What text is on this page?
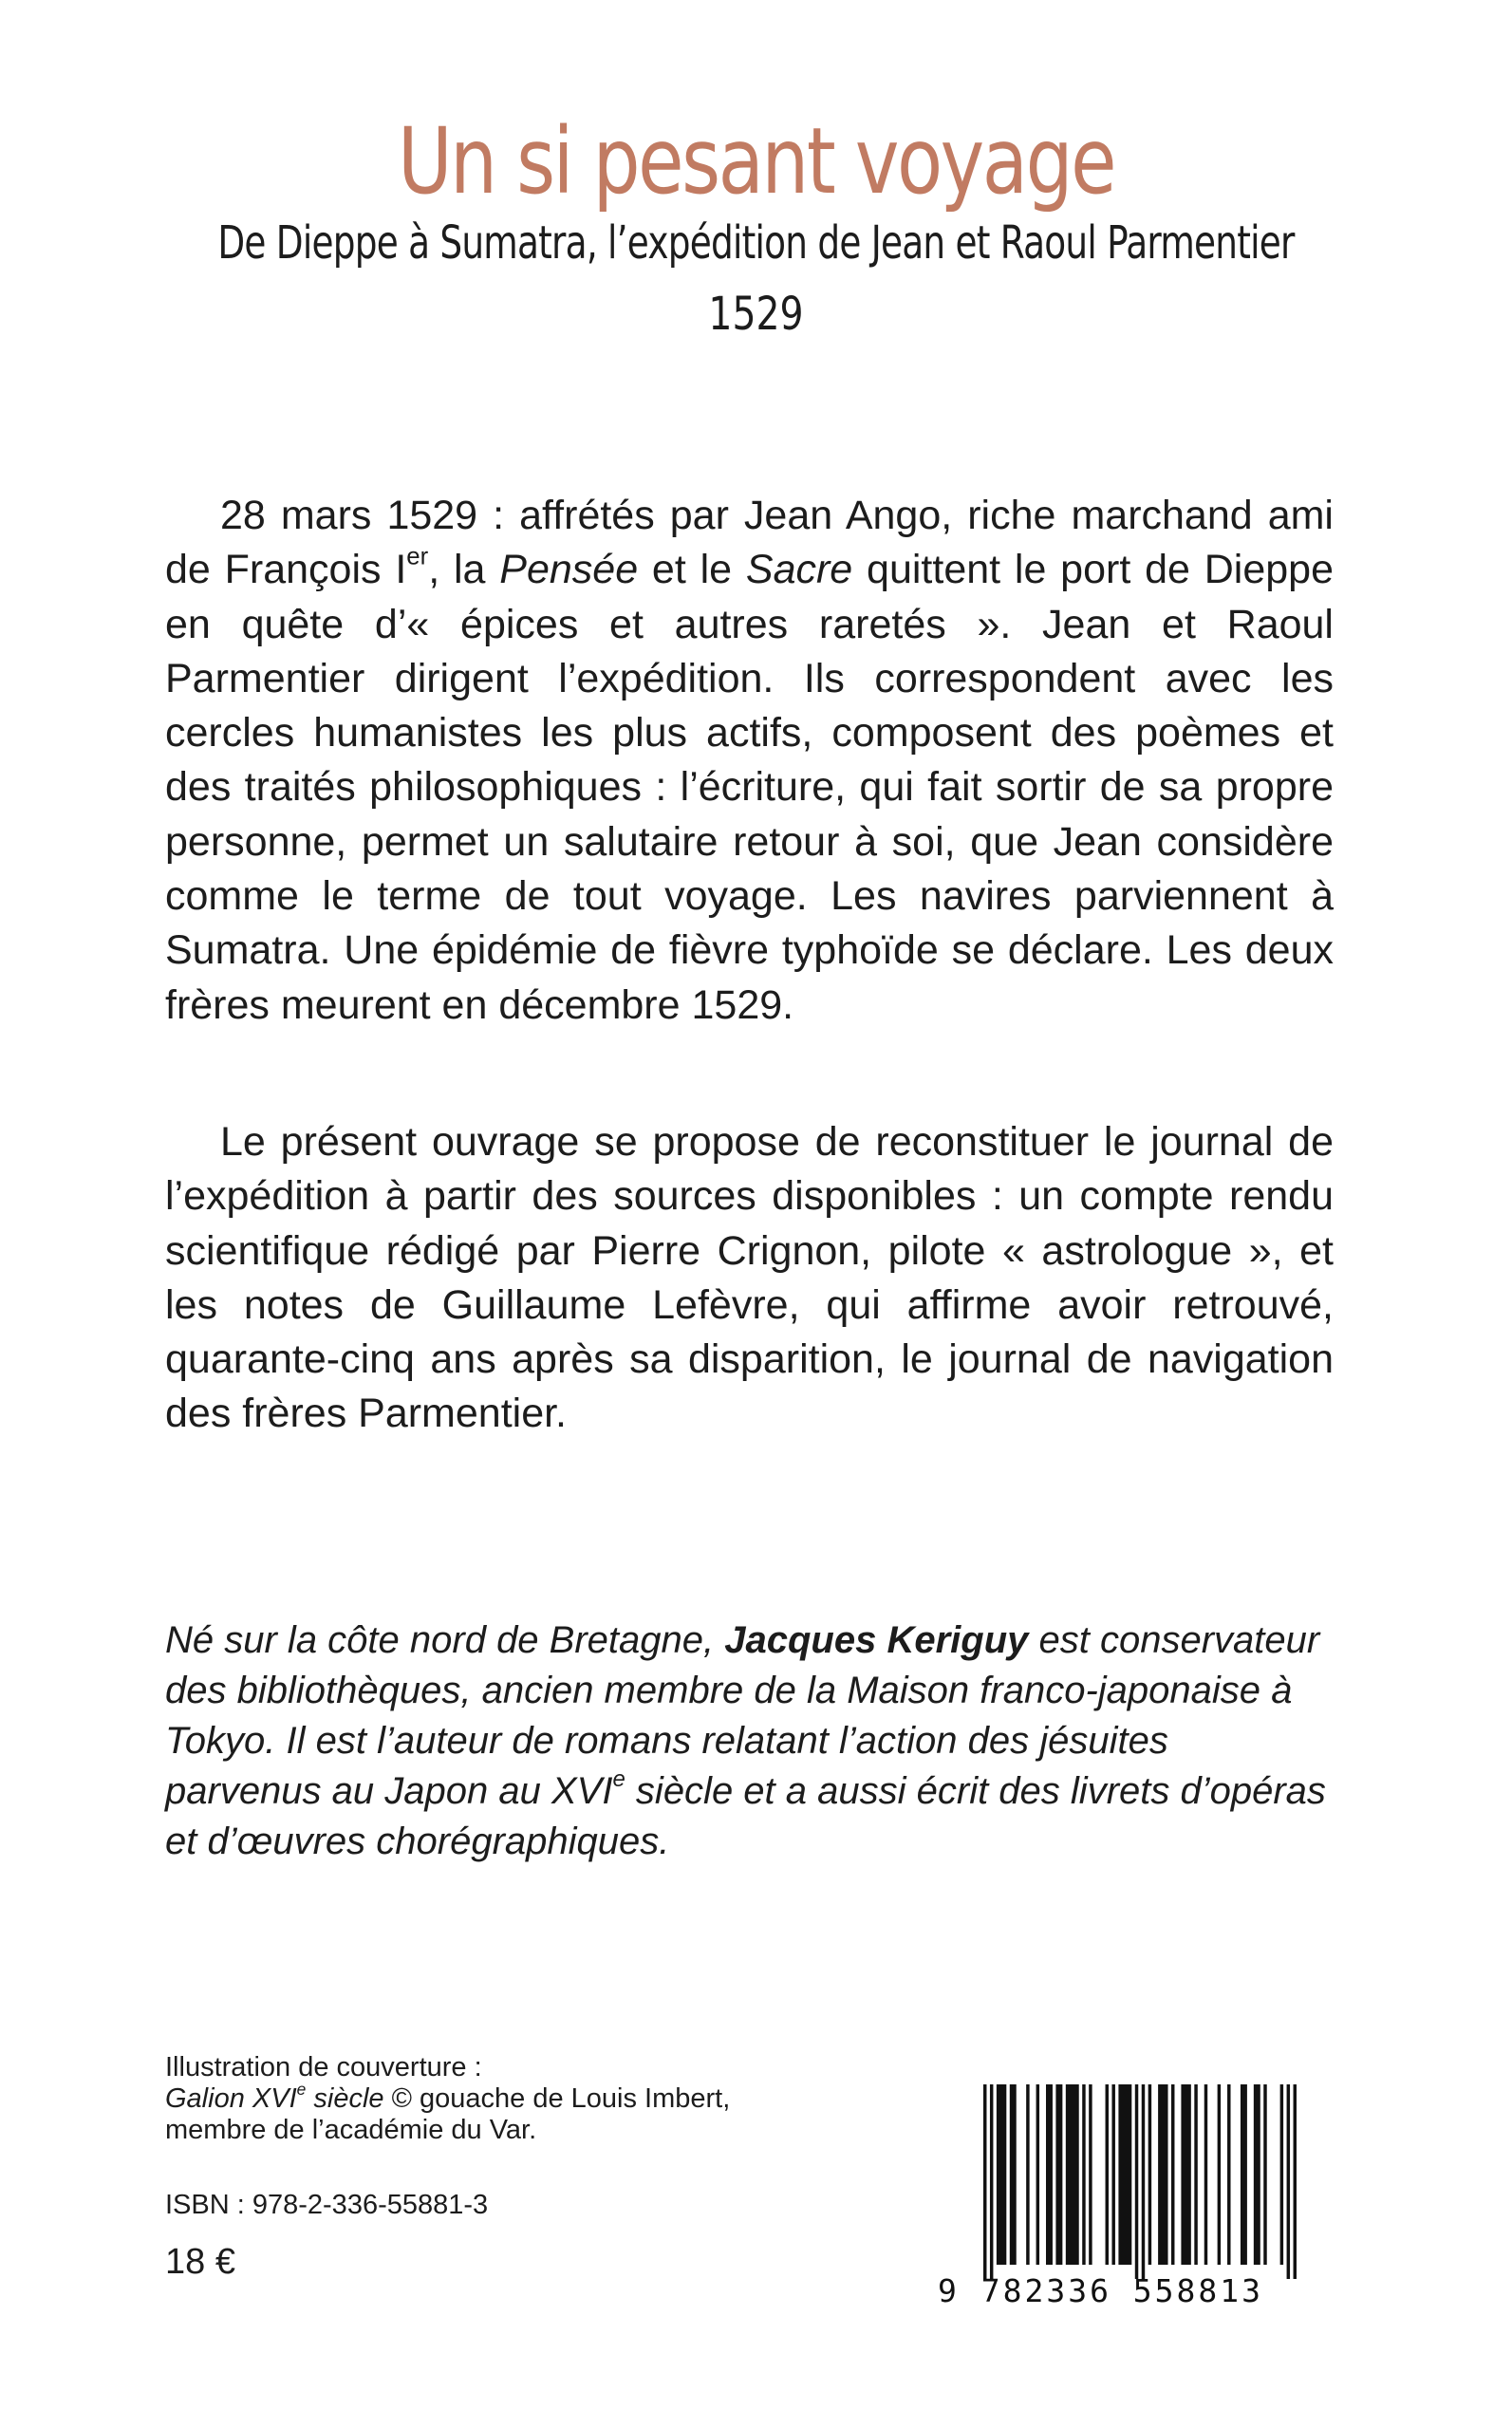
Un si pesant voyage
De Dieppe à Sumatra, l’expédition de Jean et Raoul Parmentier
1529
28 mars 1529 : affrétés par Jean Ango, riche marchand ami de François Ier, la Pensée et le Sacre quittent le port de Dieppe en quête d’« épices et autres raretés ». Jean et Raoul Parmentier dirigent l’expédition. Ils correspondent avec les cercles humanistes les plus actifs, composent des poèmes et des traités philosophiques : l’écriture, qui fait sortir de sa propre personne, permet un salutaire retour à soi, que Jean considère comme le terme de tout voyage. Les navires parviennent à Sumatra. Une épidémie de fièvre typhoïde se déclare. Les deux frères meurent en décembre 1529.
Le présent ouvrage se propose de reconstituer le journal de l’expédition à partir des sources disponibles : un compte rendu scientifique rédigé par Pierre Crignon, pilote « astrologue », et les notes de Guillaume Lefèvre, qui affirme avoir retrouvé, quarante-cinq ans après sa disparition, le journal de navigation des frères Parmentier.
Né sur la côte nord de Bretagne, Jacques Keriguy est conservateur des bibliothèques, ancien membre de la Maison franco-japonaise à Tokyo. Il est l’auteur de romans relatant l’action des jésuites parvenus au Japon au XVIe siècle et a aussi écrit des livrets d’opéras et d’œuvres chorégraphiques.
Illustration de couverture :
Galion XVIe siècle © gouache de Louis Imbert,
membre de l’académie du Var.
ISBN : 978-2-336-55881-3
18 €
9 782336 558813
